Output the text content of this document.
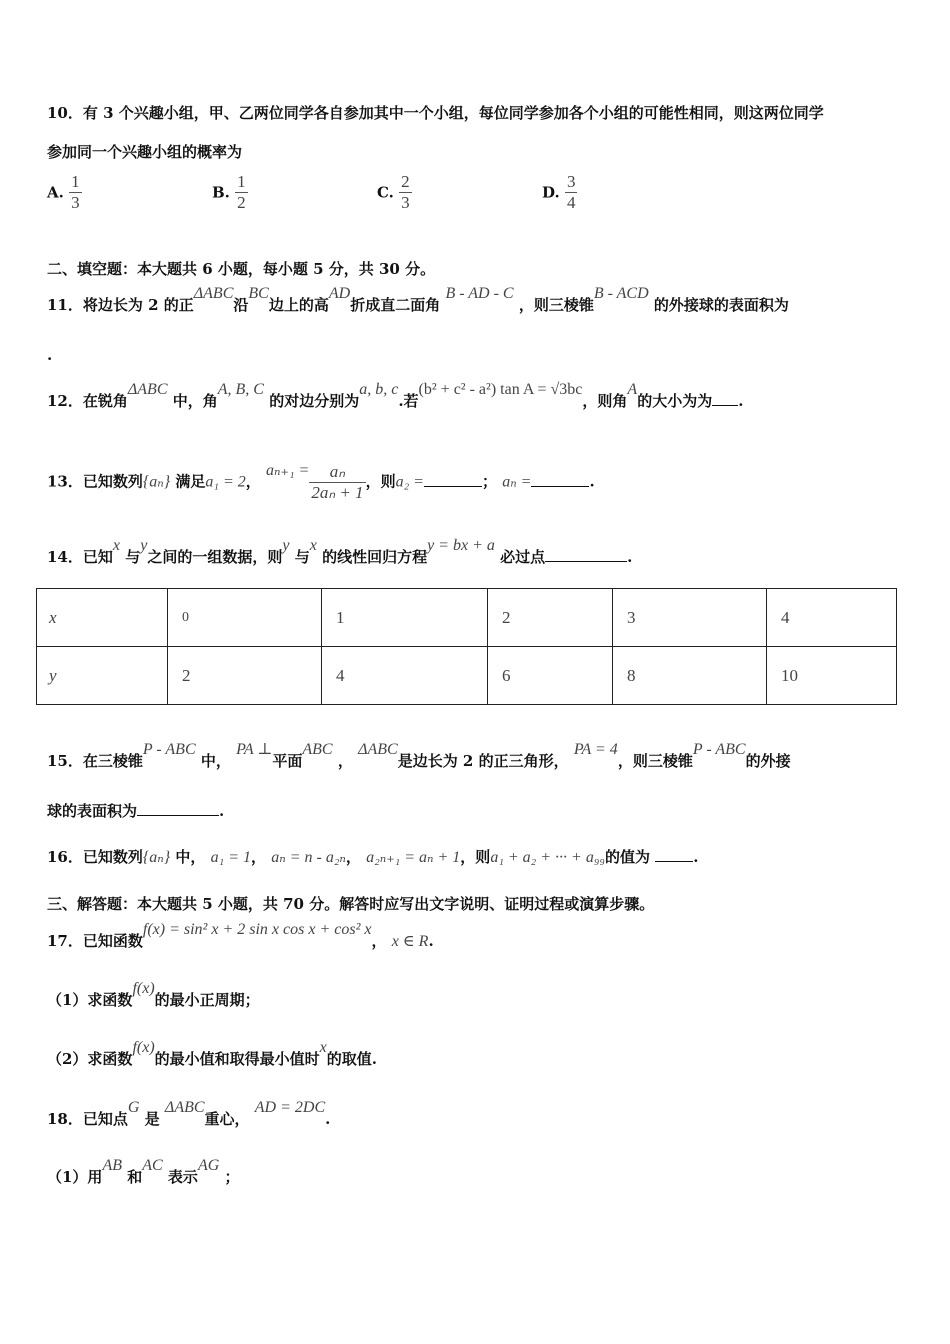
10．有 3 个兴趣小组，甲、乙两位同学各自参加其中一个小组，每位同学参加各个小组的可能性相同，则这两位同学
参加同一个兴趣小组的概率为
A. $\frac{1}{3}$	B. $\frac{1}{2}$	C. $\frac{2}{3}$	D. $\frac{3}{4}$
二、填空题：本大题共 6 小题，每小题 5 分，共 30 分。
11．将边长为 2 的正ΔABC沿BC边上的高AD折成直二面角 B - AD - C ，则三棱锥B - ACD 的外接球的表面积为
.
12．在锐角ΔABC 中，角A, B, C 的对边分别为a, b, c.若(b² + c² - a²) tan A = √3bc，则角A的大小为为 .
13．已知数列{aₙ} 满足a₁ = 2， $a_{n+1} = \frac{\text{aₙ}}{\text{2aₙ + 1}}$ ，则a₂ =	； aₙ =	.
14．已知x 与y之间的一组数据，则y 与x 的线性回归方程y = bx + a 必过点	.
x	0	1	2	3	4
y	2	4	6	8	10
15．在三棱锥P - ABC 中， PA ⊥平面ABC ， ΔABC是边长为 2 的正三角形， PA = 4，则三棱锥P - ABC的外接
球的表面积为	.
16．已知数列{aₙ} 中， a₁ = 1， aₙ = n - a₂ₙ， a₂ₙ₊₁ = aₙ + 1，则a₁ + a₂ + ··· + a₉₉的值为	.
三、解答题：本大题共 5 小题，共 70 分。解答时应写出文字说明、证明过程或演算步骤。
17．已知函数f(x) = sin² x + 2 sin x cos x + cos² x， x ∈ R.
（1）求函数f(x)的最小正周期；
（2）求函数f(x)的最小值和取得最小值时x的取值.
18．已知点G 是 ΔABC重心， AD = 2DC.
（1）用AB 和AC 表示AG ；
